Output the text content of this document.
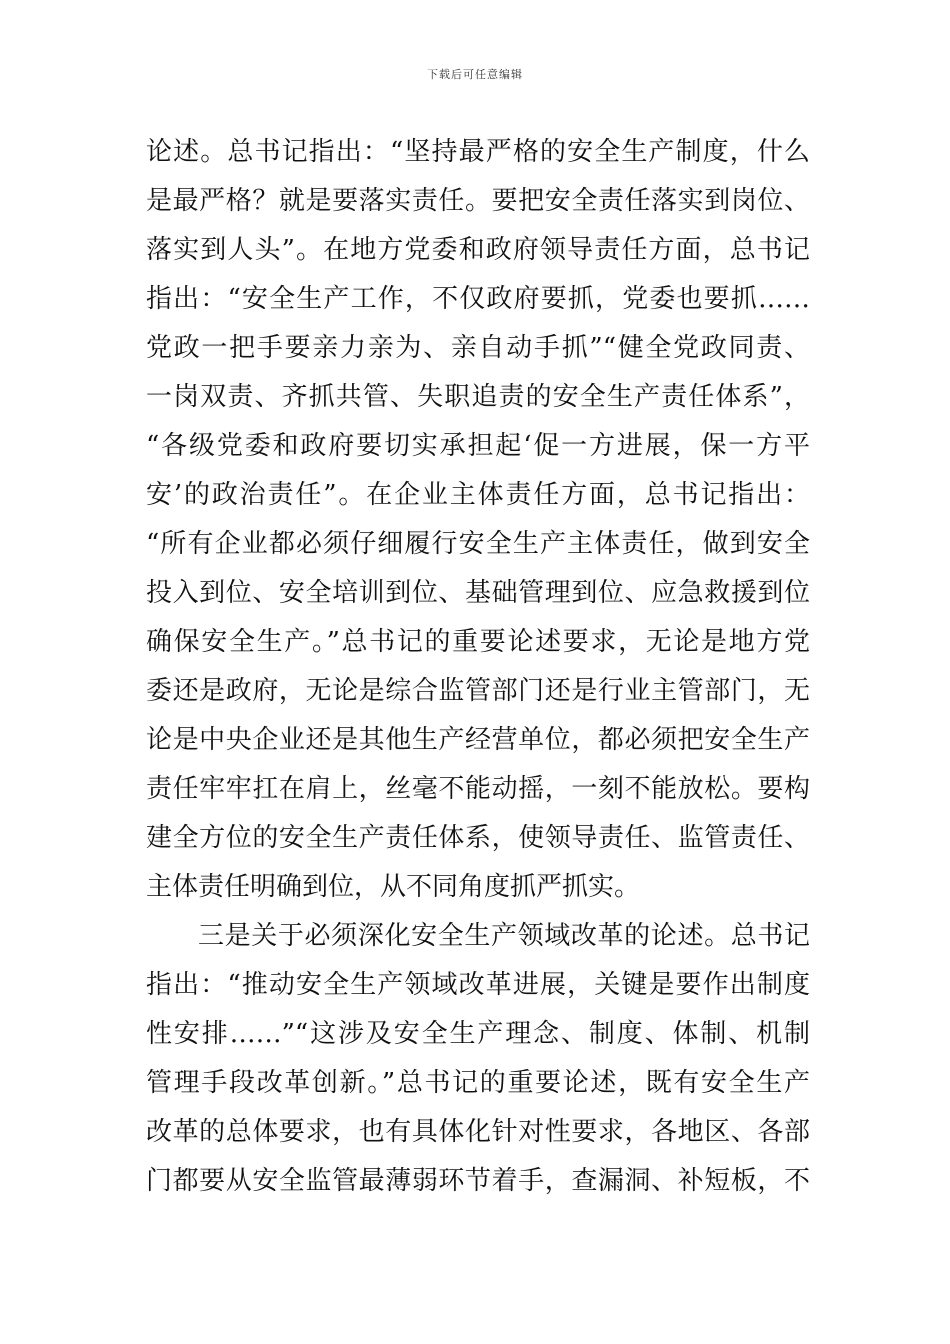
下载后可任意编辑
论述。总书记指出：“坚持最严格的安全生产制度，什么
是最严格？就是要落实责任。要把安全责任落实到岗位、
落实到人头”。在地方党委和政府领导责任方面，总书记
指出：“安全生产工作，不仅政府要抓，党委也要抓……
党政一把手要亲力亲为、亲自动手抓”“健全党政同责、
一岗双责、齐抓共管、失职追责的安全生产责任体系”，
“各级党委和政府要切实承担起‘促一方进展，保一方平
安’的政治责任”。在企业主体责任方面，总书记指出：
“所有企业都必须仔细履行安全生产主体责任，做到安全
投入到位、安全培训到位、基础管理到位、应急救援到位
确保安全生产。”总书记的重要论述要求，无论是地方党
委还是政府，无论是综合监管部门还是行业主管部门，无
论是中央企业还是其他生产经营单位，都必须把安全生产
责任牢牢扛在肩上，丝毫不能动摇，一刻不能放松。要构
建全方位的安全生产责任体系，使领导责任、监管责任、
主体责任明确到位，从不同角度抓严抓实。
三是关于必须深化安全生产领域改革的论述。总书记
指出：“推动安全生产领域改革进展，关键是要作出制度
性安排……”“这涉及安全生产理念、制度、体制、机制
管理手段改革创新。”总书记的重要论述，既有安全生产
改革的总体要求，也有具体化针对性要求，各地区、各部
门都要从安全监管最薄弱环节着手，查漏洞、补短板，不
